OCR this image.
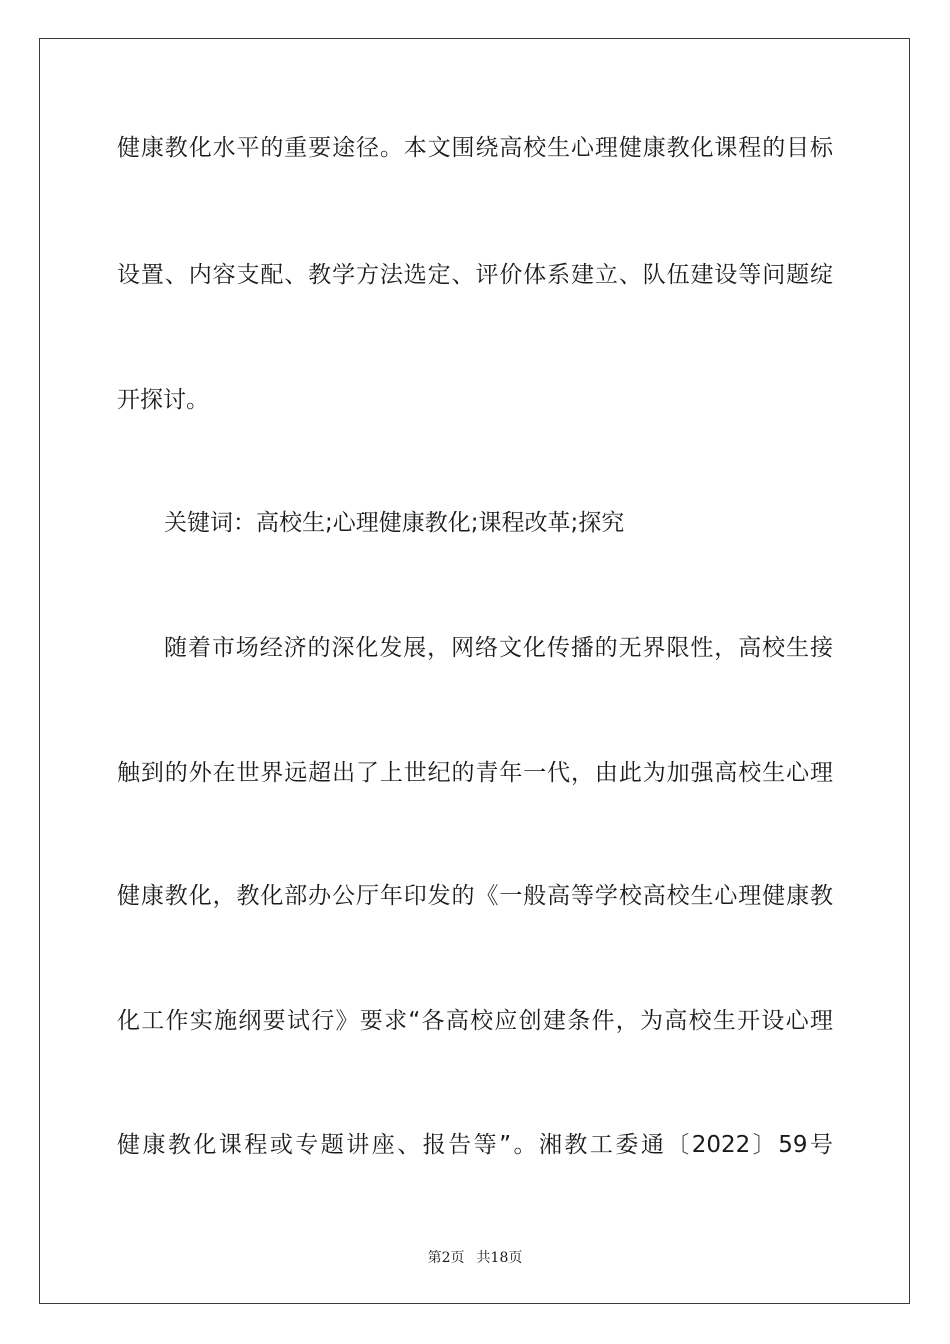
健康教化水平的重要途径。本文围绕高校生心理健康教化课程的目标
设置、内容支配、教学方法选定、评价体系建立、队伍建设等问题绽
开探讨。
关键词：高校生;心理健康教化;课程改革;探究
随着市场经济的深化发展，网络文化传播的无界限性，高校生接
触到的外在世界远超出了上世纪的青年一代，由此为加强高校生心理
健康教化，教化部办公厅年印发的《一般高等学校高校生心理健康教
化工作实施纲要试行》要求“各高校应创建条件，为高校生开设心理
健康教化课程或专题讲座、报告等”。湘教工委通〔2022〕59号
第2页 共18页
